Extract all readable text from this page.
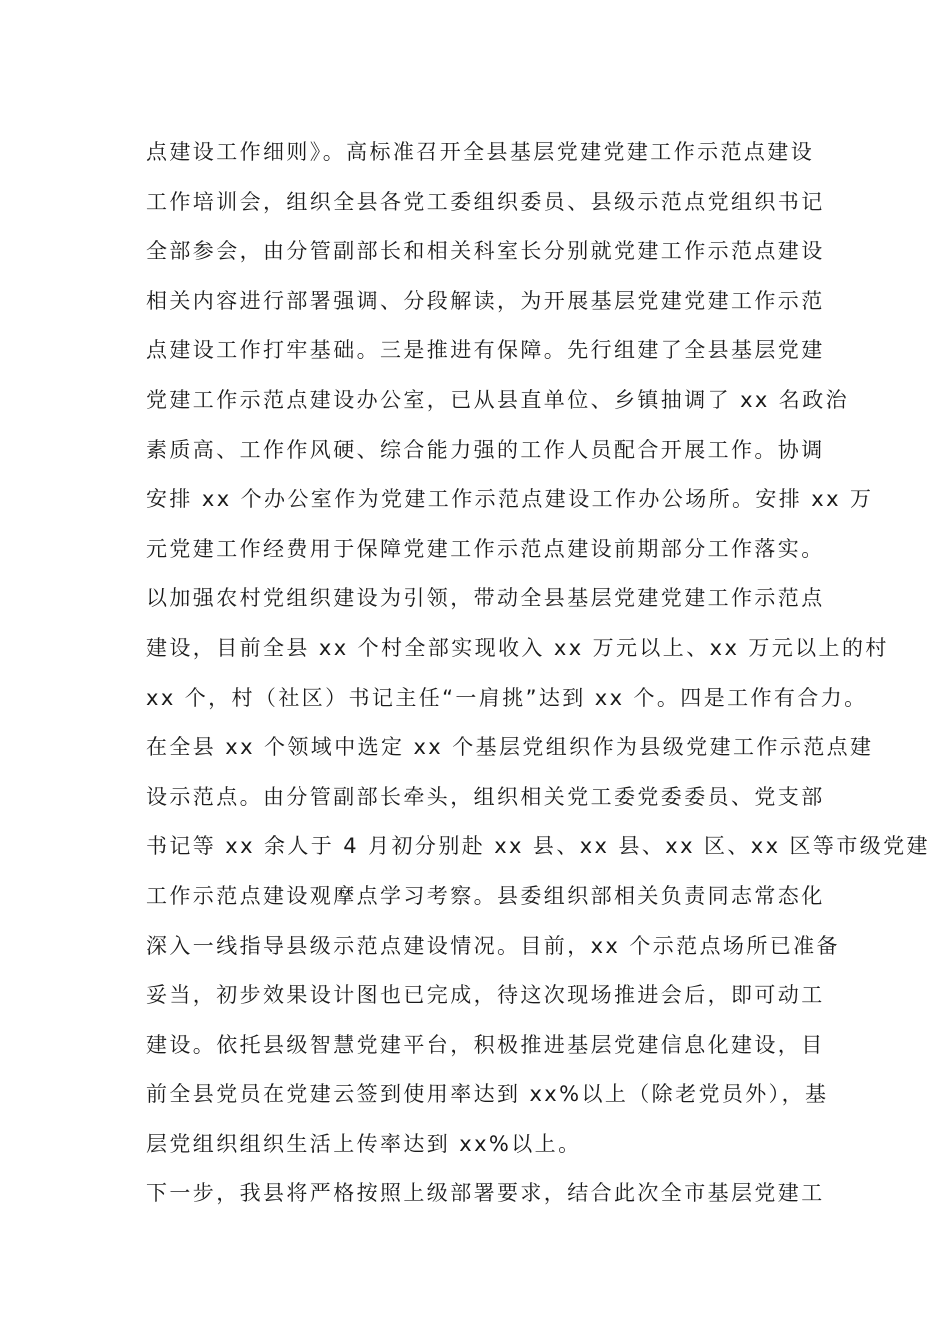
点建设工作细则》。高标准召开全县基层党建党建工作示范点建设
工作培训会，组织全县各党工委组织委员、县级示范点党组织书记
全部参会，由分管副部长和相关科室长分别就党建工作示范点建设
相关内容进行部署强调、分段解读，为开展基层党建党建工作示范
点建设工作打牢基础。三是推进有保障。先行组建了全县基层党建
党建工作示范点建设办公室，已从县直单位、乡镇抽调了 xx 名政治
素质高、工作作风硬、综合能力强的工作人员配合开展工作。协调
安排 xx 个办公室作为党建工作示范点建设工作办公场所。安排 xx 万
元党建工作经费用于保障党建工作示范点建设前期部分工作落实。
以加强农村党组织建设为引领，带动全县基层党建党建工作示范点
建设，目前全县 xx 个村全部实现收入 xx 万元以上、xx 万元以上的村
xx 个，村（社区）书记主任“一肩挑”达到 xx 个。四是工作有合力。
在全县 xx 个领域中选定 xx 个基层党组织作为县级党建工作示范点建
设示范点。由分管副部长牵头，组织相关党工委党委委员、党支部
书记等 xx 余人于 4 月初分别赴 xx 县、xx 县、xx 区、xx 区等市级党建
工作示范点建设观摩点学习考察。县委组织部相关负责同志常态化
深入一线指导县级示范点建设情况。目前，xx 个示范点场所已准备
妥当，初步效果设计图也已完成，待这次现场推进会后，即可动工
建设。依托县级智慧党建平台，积极推进基层党建信息化建设，目
前全县党员在党建云签到使用率达到 xx%以上（除老党员外），基
层党组织组织生活上传率达到 xx%以上。
下一步，我县将严格按照上级部署要求，结合此次全市基层党建工
